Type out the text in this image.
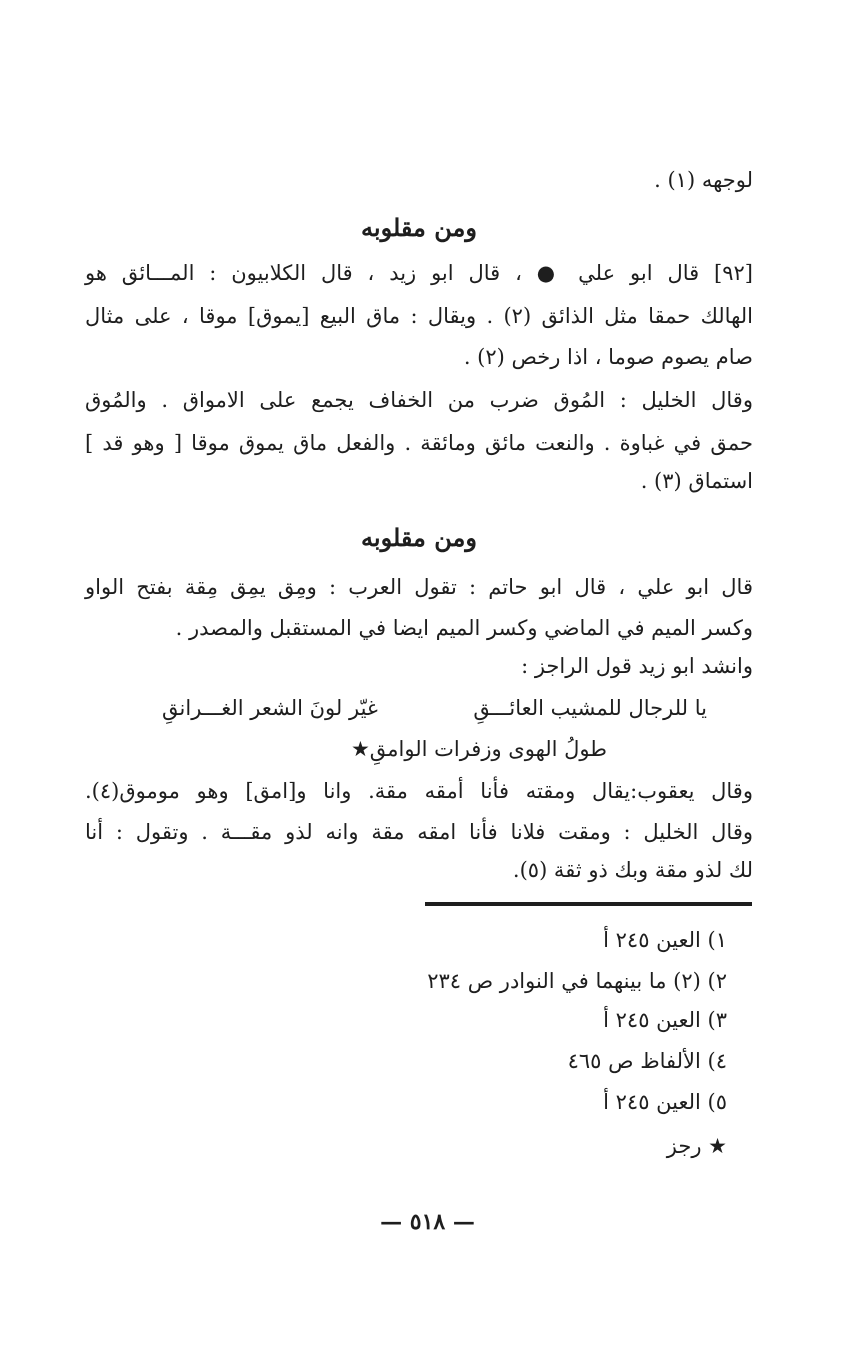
لوجهه (١) .
ومن مقلوبه
[٩٢] قال ابو علي ● ، قال ابو زيد ، قال الكلابيون : المـــائق هو
الهالك حمقا مثل الذائق (٢) . ويقال : ماق البيع [يموق] موقا ، على مثال
صام يصوم صوما ، اذا رخص (٢) .
وقال الخليل : المُوق ضرب من الخفاف يجمع على الامواق . والمُوق
حمق في غباوة . والنعت مائق ومائقة . والفعل ماق يموق موقا [ وهو قد ]
استماق (٣) .
ومن مقلوبه
قال ابو علي ، قال ابو حاتم : تقول العرب : ومِق يمِق مِقة بفتح الواو
وكسر الميم في الماضي وكسر الميم ايضا في المستقبل والمصدر .
وانشد ابو زيد قول الراجز :
يا للرجال للمشيب العائـــقِ
غيّر لونَ الشعر الغـــرانقِ
طولُ الهوى وزفرات الوامقِ★
وقال يعقوب:يقال ومقته فأنا أمقه مقة. وانا و[امق] وهو موموق(٤).
وقال الخليل : ومقت فلانا فأنا امقه مقة وانه لذو مقـــة . وتقول : أنا
لك لذو مقة وبك ذو ثقة (٥).
١) العين ٢٤٥ أ
٢) (٢) ما بينهما في النوادر ص ٢٣٤
٣) العين ٢٤٥ أ
٤) الألفاظ ص ٤٦٥
٥) العين ٢٤٥ أ
★ رجز
— ٥١٨ —
